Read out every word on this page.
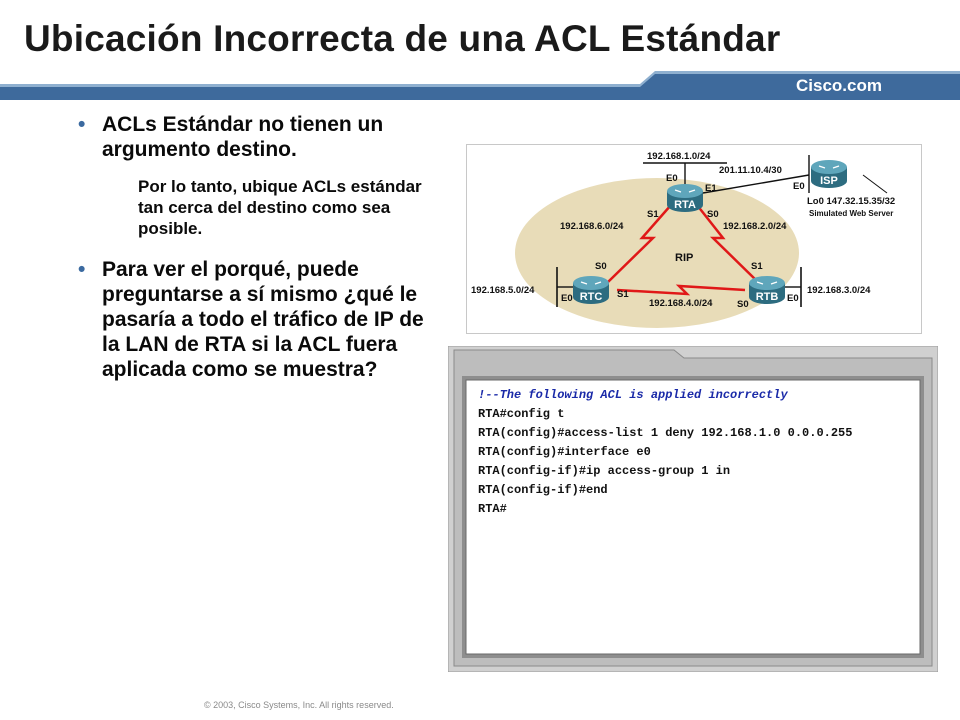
Ubicación Incorrecta de una ACL Estándar
Cisco.com
• ACLs Estándar no tienen un argumento destino.
Por lo tanto, ubique ACLs estándar tan cerca del destino como sea posible.
• Para ver el porqué, puede preguntarse a sí mismo ¿qué le pasaría a todo el tráfico de IP de la LAN de RTA si la ACL fuera aplicada como se muestra?
RTA
ISP
RTC	RTB
192.168.1.0/24
201.11.10.4/30
192.168.6.0/24	192.168.2.0/24
192.168.4.0/24
192.168.5.0/24	192.168.3.0/24
RIP
E0
E1
S1	S0
E0
S0
S1
E0
S1
S0
E0
Lo0 147.32.15.35/32
Simulated Web Server
!--The following ACL is applied incorrectly
RTA#config t
RTA(config)#access-list 1 deny 192.168.1.0 0.0.0.255
RTA(config)#interface e0
RTA(config-if)#ip access-group 1 in
RTA(config-if)#end
RTA#
© 2003, Cisco Systems, Inc. All rights reserved.
